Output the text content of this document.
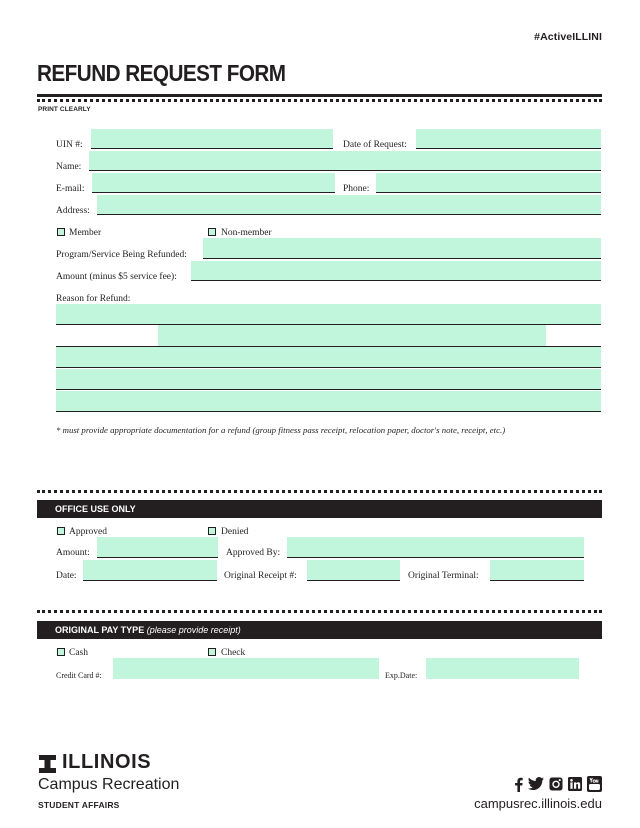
#ActiveILLINI
REFUND REQUEST FORM
PRINT CLEARLY
UIN #:	Date of Request:
Name:
E-mail:	Phone:
Address:
Member	Non-member
Program/Service Being Refunded:
Amount (minus $5 service fee):
Reason for Refund:
* must provide appropriate documentation for a refund (group fitness pass receipt, relocation paper, doctor's note, receipt, etc.)
OFFICE USE ONLY
Approved	Denied
Amount:	Approved By:
Date:	Original Receipt #:	Original Terminal:
ORIGINAL PAY TYPE (please provide receipt)
Cash	Check
Credit Card #:	Exp.Date:
ILLINOIS
Campus Recreation
STUDENT AFFAIRS	campusrec.illinois.edu
